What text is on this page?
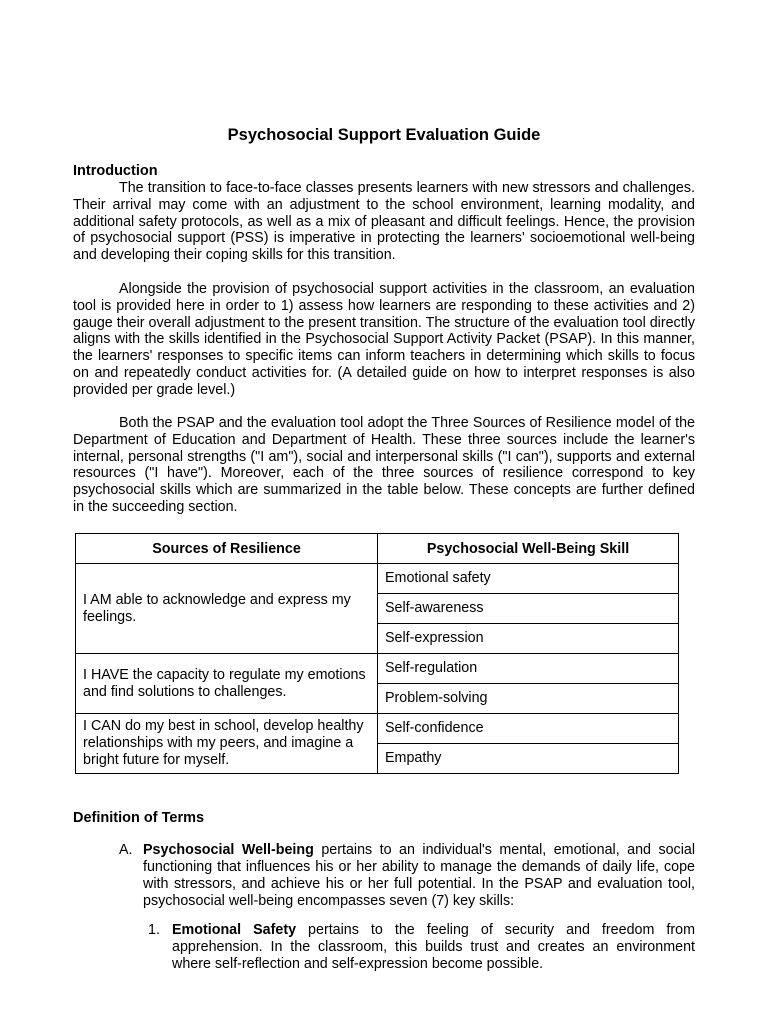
Psychosocial Support Evaluation Guide
Introduction

The transition to face-to-face classes presents learners with new stressors and challenges. Their arrival may come with an adjustment to the school environment, learning modality, and additional safety protocols, as well as a mix of pleasant and difficult feelings. Hence, the provision of psychosocial support (PSS) is imperative in protecting the learners' socioemotional well-being and developing their coping skills for this transition.

Alongside the provision of psychosocial support activities in the classroom, an evaluation tool is provided here in order to 1) assess how learners are responding to these activities and 2) gauge their overall adjustment to the present transition. The structure of the evaluation tool directly aligns with the skills identified in the Psychosocial Support Activity Packet (PSAP). In this manner, the learners' responses to specific items can inform teachers in determining which skills to focus on and repeatedly conduct activities for. (A detailed guide on how to interpret responses is also provided per grade level.)

Both the PSAP and the evaluation tool adopt the Three Sources of Resilience model of the Department of Education and Department of Health. These three sources include the learner's internal, personal strengths ("I am"), social and interpersonal skills ("I can"), supports and external resources ("I have"). Moreover, each of the three sources of resilience correspond to key psychosocial skills which are summarized in the table below. These concepts are further defined in the succeeding section.

Sources of Resilience	Psychosocial Well-Being Skill
I AM able to acknowledge and express my feelings.	Emotional safety
	Self-awareness
	Self-expression
I HAVE the capacity to regulate my emotions and find solutions to challenges.	Self-regulation
	Problem-solving
I CAN do my best in school, develop healthy relationships with my peers, and imagine a bright future for myself.	Self-confidence
	Empathy
Definition of Terms
A. Psychosocial Well-being pertains to an individual's mental, emotional, and social functioning that influences his or her ability to manage the demands of daily life, cope with stressors, and achieve his or her full potential. In the PSAP and evaluation tool, psychosocial well-being encompasses seven (7) key skills:
1. Emotional Safety pertains to the feeling of security and freedom from apprehension. In the classroom, this builds trust and creates an environment where self-reflection and self-expression become possible.
